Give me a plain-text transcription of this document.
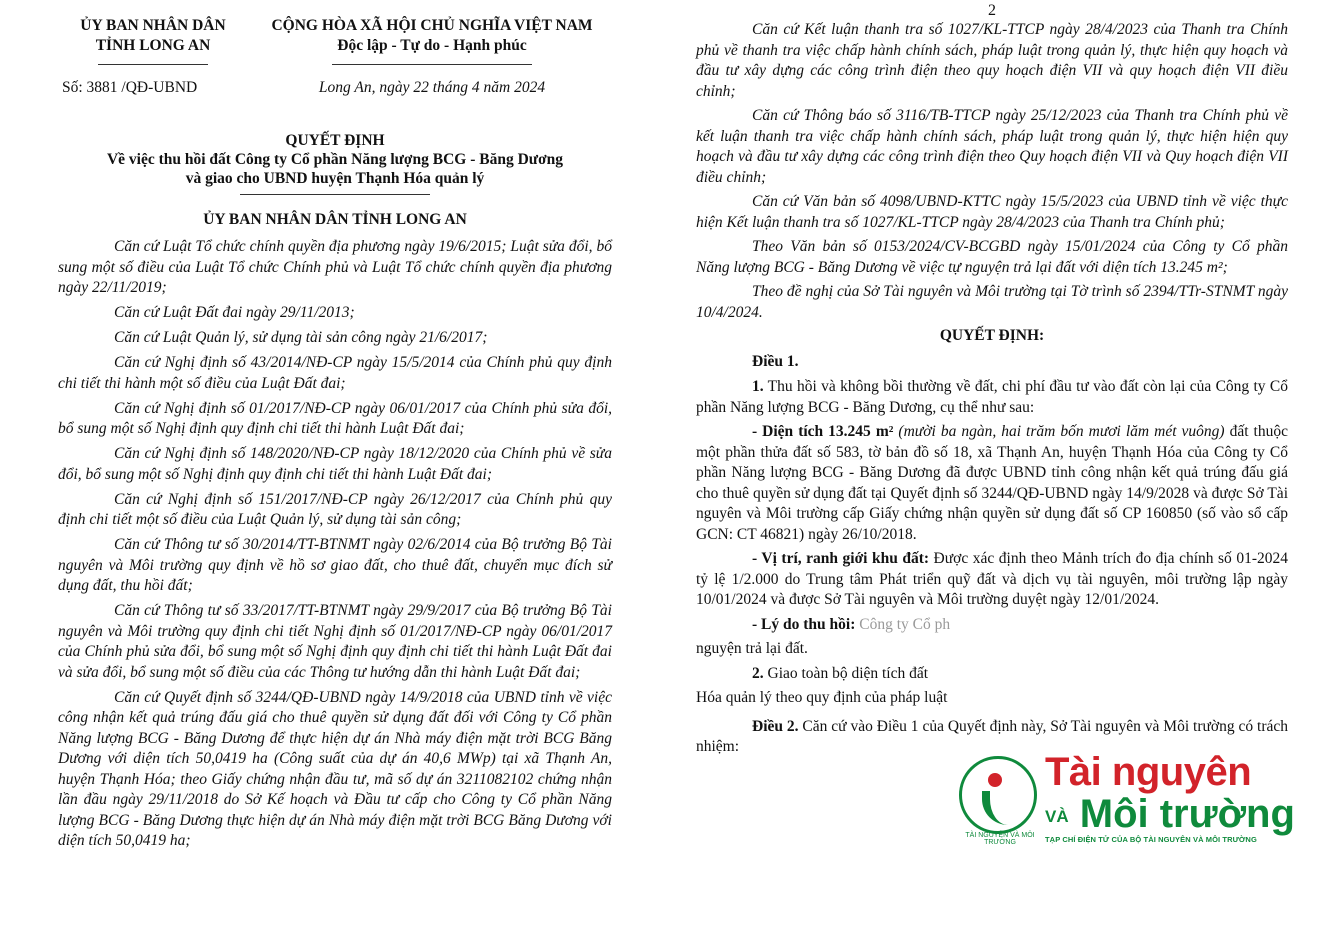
ỦY BAN NHÂN DÂN
TỈNH LONG AN
CỘNG HÒA XÃ HỘI CHỦ NGHĨA VIỆT NAM
Độc lập - Tự do - Hạnh phúc
Số: 3881 /QĐ-UBND	Long An, ngày 22 tháng 4 năm 2024
QUYẾT ĐỊNH
Về việc thu hồi đất Công ty Cổ phần Năng lượng BCG - Băng Dương
và giao cho UBND huyện Thạnh Hóa quản lý
ỦY BAN NHÂN DÂN TỈNH LONG AN

Căn cứ Luật Tổ chức chính quyền địa phương ngày 19/6/2015; Luật sửa đổi, bổ sung một số điều của Luật Tổ chức Chính phủ và Luật Tổ chức chính quyền địa phương ngày 22/11/2019;

Căn cứ Luật Đất đai ngày 29/11/2013;

Căn cứ Luật Quản lý, sử dụng tài sản công ngày 21/6/2017;

Căn cứ Nghị định số 43/2014/NĐ-CP ngày 15/5/2014 của Chính phủ quy định chi tiết thi hành một số điều của Luật Đất đai;

Căn cứ Nghị định số 01/2017/NĐ-CP ngày 06/01/2017 của Chính phủ sửa đổi, bổ sung một số Nghị định quy định chi tiết thi hành Luật Đất đai;

Căn cứ Nghị định số 148/2020/NĐ-CP ngày 18/12/2020 của Chính phủ về sửa đổi, bổ sung một số Nghị định quy định chi tiết thi hành Luật Đất đai;

Căn cứ Nghị định số 151/2017/NĐ-CP ngày 26/12/2017 của Chính phủ quy định chi tiết một số điều của Luật Quản lý, sử dụng tài sản công;

Căn cứ Thông tư số 30/2014/TT-BTNMT ngày 02/6/2014 của Bộ trưởng Bộ Tài nguyên và Môi trường quy định về hồ sơ giao đất, cho thuê đất, chuyển mục đích sử dụng đất, thu hồi đất;

Căn cứ Thông tư số 33/2017/TT-BTNMT ngày 29/9/2017 của Bộ trưởng Bộ Tài nguyên và Môi trường quy định chi tiết Nghị định số 01/2017/NĐ-CP ngày 06/01/2017 của Chính phủ sửa đổi, bổ sung một số Nghị định quy định chi tiết thi hành Luật Đất đai và sửa đổi, bổ sung một số điều của các Thông tư hướng dẫn thi hành Luật Đất đai;

Căn cứ Quyết định số 3244/QĐ-UBND ngày 14/9/2018 của UBND tỉnh về việc công nhận kết quả trúng đấu giá cho thuê quyền sử dụng đất đối với Công ty Cổ phần Năng lượng BCG - Băng Dương để thực hiện dự án Nhà máy điện mặt trời BCG Băng Dương với diện tích 50,0419 ha (Công suất của dự án 40,6 MWp) tại xã Thạnh An, huyện Thạnh Hóa; theo Giấy chứng nhận đầu tư, mã số dự án 3211082102 chứng nhận lần đầu ngày 29/11/2018 do Sở Kế hoạch và Đầu tư cấp cho Công ty Cổ phần Năng lượng BCG - Băng Dương thực hiện dự án Nhà máy điện mặt trời BCG Băng Dương với diện tích 50,0419 ha;

2

Căn cứ Kết luận thanh tra số 1027/KL-TTCP ngày 28/4/2023 của Thanh tra Chính phủ về thanh tra việc chấp hành chính sách, pháp luật trong quản lý, thực hiện quy hoạch và đầu tư xây dựng các công trình điện theo quy hoạch điện VII và quy hoạch điện VII điều chỉnh;

Căn cứ Thông báo số 3116/TB-TTCP ngày 25/12/2023 của Thanh tra Chính phủ về kết luận thanh tra việc chấp hành chính sách, pháp luật trong quản lý, thực hiện hiện quy hoạch và đầu tư xây dựng các công trình điện theo Quy hoạch điện VII và Quy hoạch điện VII điều chỉnh;

Căn cứ Văn bản số 4098/UBND-KTTC ngày 15/5/2023 của UBND tỉnh về việc thực hiện Kết luận thanh tra số 1027/KL-TTCP ngày 28/4/2023 của Thanh tra Chính phủ;

Theo Văn bản số 0153/2024/CV-BCGBD ngày 15/01/2024 của Công ty Cổ phần Năng lượng BCG - Băng Dương về việc tự nguyện trả lại đất với diện tích 13.245 m²;

Theo đề nghị của Sở Tài nguyên và Môi trường tại Tờ trình số 2394/TTr-STNMT ngày 10/4/2024.

QUYẾT ĐỊNH:
Điều 1.

1. Thu hồi và không bồi thường về đất, chi phí đầu tư vào đất còn lại của Công ty Cổ phần Năng lượng BCG - Băng Dương, cụ thể như sau:

- Diện tích 13.245 m² (mười ba ngàn, hai trăm bốn mươi lăm mét vuông) đất thuộc một phần thửa đất số 583, tờ bản đồ số 18, xã Thạnh An, huyện Thạnh Hóa của Công ty Cổ phần Năng lượng BCG - Băng Dương đã được UBND tỉnh công nhận kết quả trúng đấu giá cho thuê quyền sử dụng đất tại Quyết định số 3244/QĐ-UBND ngày 14/9/2028 và được Sở Tài nguyên và Môi trường cấp Giấy chứng nhận quyền sử dụng đất số CP 160850 (số vào sổ cấp GCN: CT 46821) ngày 26/10/2018.

- Vị trí, ranh giới khu đất: Được xác định theo Mảnh trích đo địa chính số 01-2024 tỷ lệ 1/2.000 do Trung tâm Phát triển quỹ đất và dịch vụ tài nguyên, môi trường lập ngày 10/01/2024 và được Sở Tài nguyên và Môi trường duyệt ngày 12/01/2024.

- Lý do thu hồi: Công ty Cổ ph

nguyện trả lại đất.

2. Giao toàn bộ diện tích đất

Hóa quản lý theo quy định của pháp luật

Điều 2. Căn cứ vào Điều 1 của Quyết định này, Sở Tài nguyên và Môi trường có trách nhiệm:

TÀI NGUYÊN VÀ MÔI TRƯỜNG
Tài nguyên
VÀ Môi trường
TẠP CHÍ ĐIỆN TỬ CỦA BỘ TÀI NGUYÊN VÀ MÔI TRƯỜNG
